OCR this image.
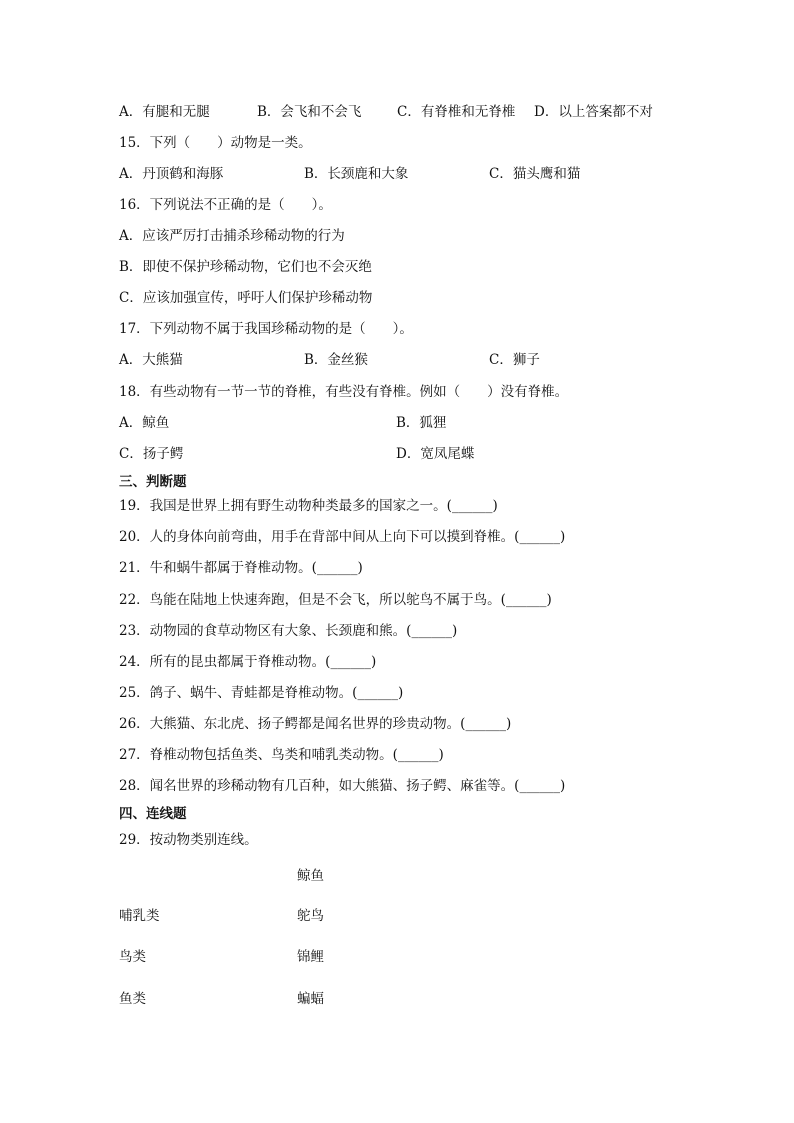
A．有腿和无腿	B．会飞和不会飞	C．有脊椎和无脊椎 D．以上答案都不对
15．下列（　　）动物是一类。
A．丹顶鹤和海豚	B．长颈鹿和大象	C．猫头鹰和猫
16．下列说法不正确的是（　　）。
A．应该严厉打击捕杀珍稀动物的行为
B．即使不保护珍稀动物，它们也不会灭绝
C．应该加强宣传，呼吁人们保护珍稀动物
17．下列动物不属于我国珍稀动物的是（　　）。
A．大熊猫	B．金丝猴	C．狮子
18．有些动物有一节一节的脊椎，有些没有脊椎。例如（　　）没有脊椎。
A．鲸鱼	B．狐狸
C．扬子鳄	D．宽凤尾蝶
三、判断题
19．我国是世界上拥有野生动物种类最多的国家之一。(______)
20．人的身体向前弯曲，用手在背部中间从上向下可以摸到脊椎。(______)
21．牛和蜗牛都属于脊椎动物。(______)
22．鸟能在陆地上快速奔跑，但是不会飞，所以鸵鸟不属于鸟。(______)
23．动物园的食草动物区有大象、长颈鹿和熊。(______)
24．所有的昆虫都属于脊椎动物。(______)
25．鸽子、蜗牛、青蛙都是脊椎动物。(______)
26．大熊猫、东北虎、扬子鳄都是闻名世界的珍贵动物。(______)
27．脊椎动物包括鱼类、鸟类和哺乳类动物。(______)
28．闻名世界的珍稀动物有几百种，如大熊猫、扬子鳄、麻雀等。(______)
四、连线题
29．按动物类别连线。
鲸鱼
哺乳类	鸵鸟
鸟类	锦鲤
鱼类	蝙蝠
